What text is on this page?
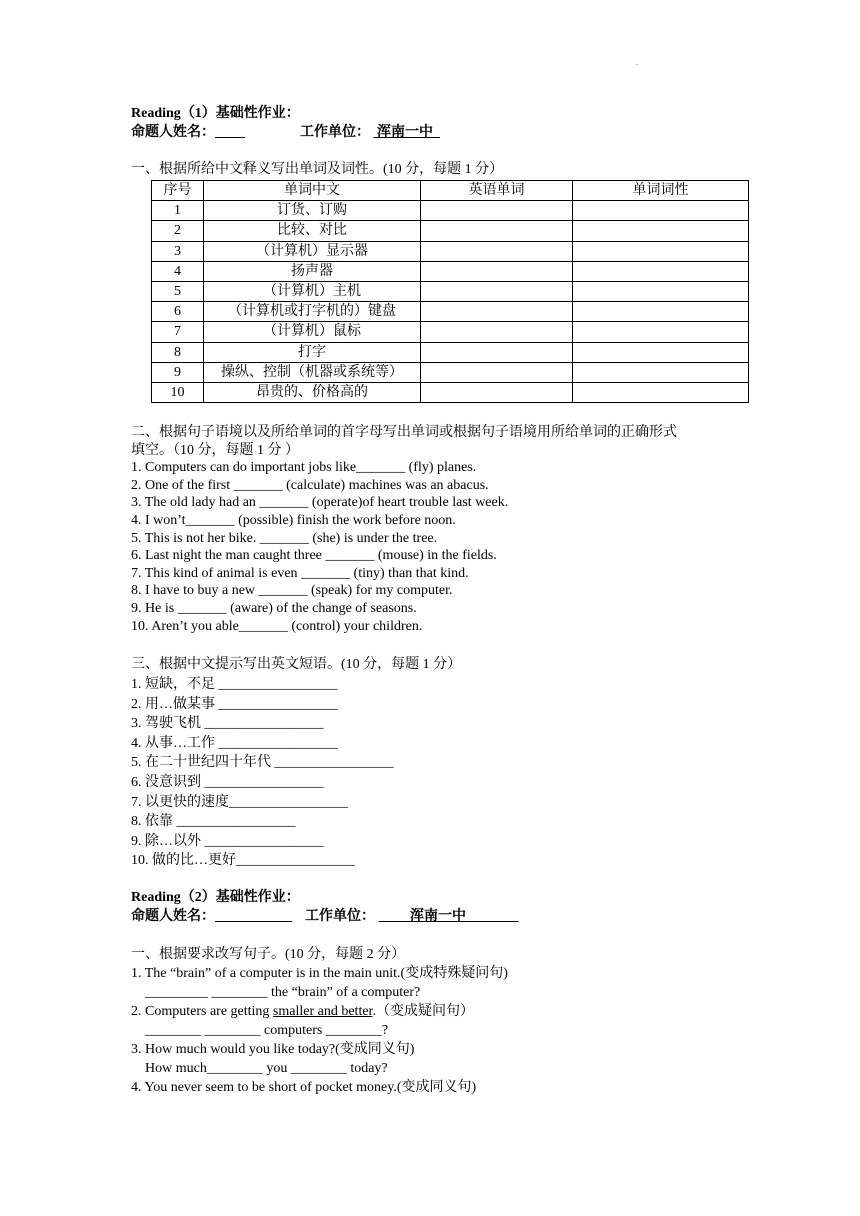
.
Reading（1）基础性作业：
命题人姓名：	工作单位： 浑南一中
一、根据所给中文释义写出单词及词性。(10 分，每题 1 分）
序号	单词中文	英语单词	单词词性
1	订货、订购		
2	比较、对比		
3	（计算机）显示器		
4	扬声器		
5	（计算机）主机		
6	（计算机或打字机的）键盘		
7	（计算机）鼠标		
8	打字		
9	操纵、控制（机器或系统等）		
10	昂贵的、价格高的		
二、根据句子语境以及所给单词的首字母写出单词或根据句子语境用所给单词的正确形式
填空。（10 分，每题 1 分 ）
1. Computers can do important jobs like_______ (fly) planes.
2. One of the first _______ (calculate) machines was an abacus.
3. The old lady had an _______ (operate)of heart trouble last week.
4. I won’t_______ (possible) finish the work before noon.
5. This is not her bike. _______ (she) is under the tree.
6. Last night the man caught three _______ (mouse) in the fields.
7. This kind of animal is even _______ (tiny) than that kind.
8. I have to buy a new _______ (speak) for my computer.
9. He is _______ (aware) of the change of seasons.
10. Aren’t you able_______ (control) your children.
三、根据中文提示写出英文短语。(10 分，每题 1 分）
1. 短缺，不足 _________________
2. 用…做某事 _________________
3. 驾驶飞机 _________________
4. 从事…工作 _________________
5. 在二十世纪四十年代 _________________
6. 没意识到 _________________
7. 以更快的速度_________________
8. 依靠 _________________
9. 除…以外 _________________
10. 做的比…更好_________________
Reading（2）基础性作业：
命题人姓名：	工作单位：	浑南一中
一、根据要求改写句子。(10 分，每题 2 分）
1. The “brain” of a computer is in the main unit.(变成特殊疑问句)
_________ ________ the “brain” of a computer?
2. Computers are getting smaller and better.（变成疑问句）
________ ________ computers ________?
3. How much would you like today?(变成同义句)
How much________ you ________ today?
4. You never seem to be short of pocket money.(变成同义句)
